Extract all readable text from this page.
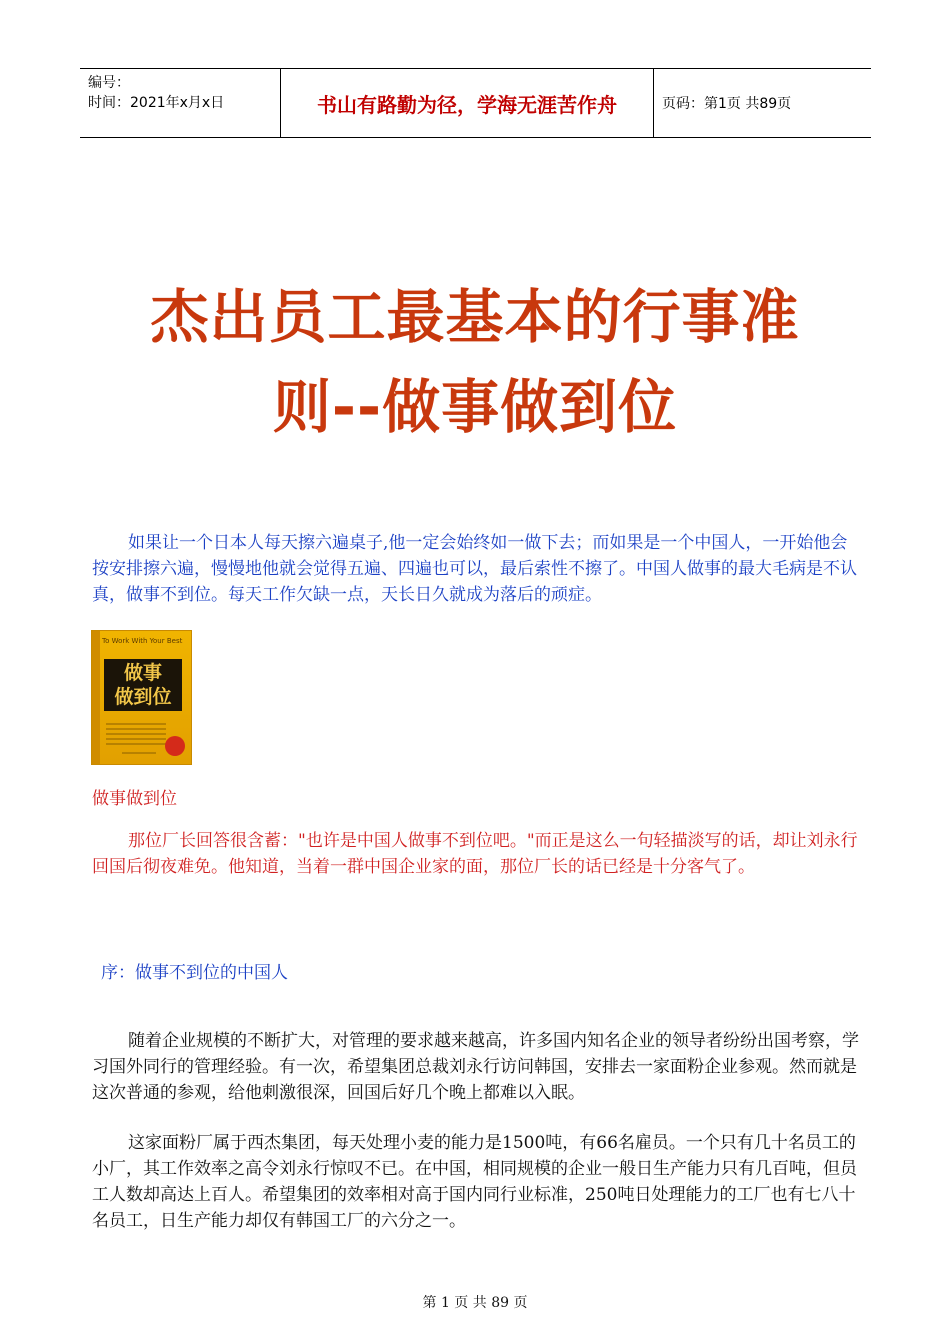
编号：
时间：2021年x月x日	书山有路勤为径，学海无涯苦作舟	页码：第1页 共89页
杰出员工最基本的行事准
则--做事做到位

如果让一个日本人每天擦六遍桌子,他一定会始终如一做下去；而如果是一个中国人，一开始他会按安排擦六遍，慢慢地他就会觉得五遍、四遍也可以，最后索性不擦了。中国人做事的最大毛病是不认真，做事不到位。每天工作欠缺一点，天长日久就成为落后的顽症。

To Work With Your Best
做事
做到位
做事做到位

那位厂长回答很含蓄："也许是中国人做事不到位吧。"而正是这么一句轻描淡写的话，却让刘永行回国后彻夜难免。他知道，当着一群中国企业家的面，那位厂长的话已经是十分客气了。

序：做事不到位的中国人

随着企业规模的不断扩大，对管理的要求越来越高，许多国内知名企业的领导者纷纷出国考察，学习国外同行的管理经验。有一次，希望集团总裁刘永行访问韩国，安排去一家面粉企业参观。然而就是这次普通的参观，给他刺激很深，回国后好几个晚上都难以入眠。

这家面粉厂属于西杰集团，每天处理小麦的能力是1500吨，有66名雇员。一个只有几十名员工的小厂，其工作效率之高令刘永行惊叹不已。在中国，相同规模的企业一般日生产能力只有几百吨，但员工人数却高达上百人。希望集团的效率相对高于国内同行业标准，250吨日处理能力的工厂也有七八十名员工，日生产能力却仅有韩国工厂的六分之一。

第 1 页 共 89 页
